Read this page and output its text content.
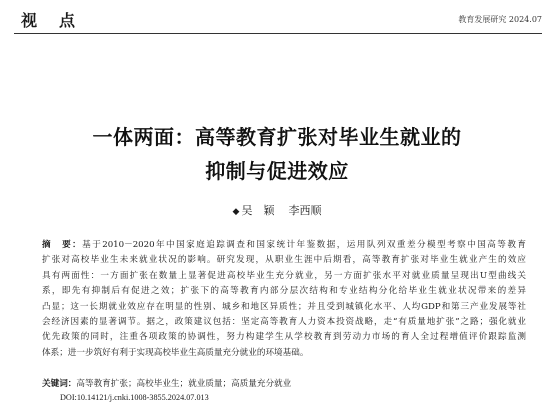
视点	教育发展研究 2024.07
一体两面：高等教育扩张对毕业生就业的
抑制与促进效应
◆ 吴　颖 李西顺
摘　要：基于2010－2020年中国家庭追踪调查和国家统计年鉴数据，运用队列双重差分模型考察中国高等教育
扩张对高校毕业生未来就业状况的影响。研究发现，从职业生涯中后期看，高等教育扩张对毕业生就业产生的效应
具有两面性：一方面扩张在数量上显著促进高校毕业生充分就业，另一方面扩张水平对就业质量呈现出U型曲线关
系，即先有抑制后有促进之效；扩张下的高等教育内部分层次结构和专业结构分化给毕业生就业状况带来的差异
凸显；这一长期就业效应存在明显的性别、城乡和地区异质性；并且受到城镇化水平、人均GDP和第三产业发展等社
会经济因素的显著调节。据之，政策建议包括：坚定高等教育人力资本投资战略，走“有质量地扩张”之路；强化就业
优先政策的同时，注重各项政策的协调性，努力构建学生从学校教育到劳动力市场的育人全过程增值评价跟踪监测
体系；进一步筑好有利于实现高校毕业生高质量充分就业的环境基础。
关键词：高等教育扩张；高校毕业生；就业质量；高质量充分就业
DOI:10.14121/j.cnki.1008-3855.2024.07.013
